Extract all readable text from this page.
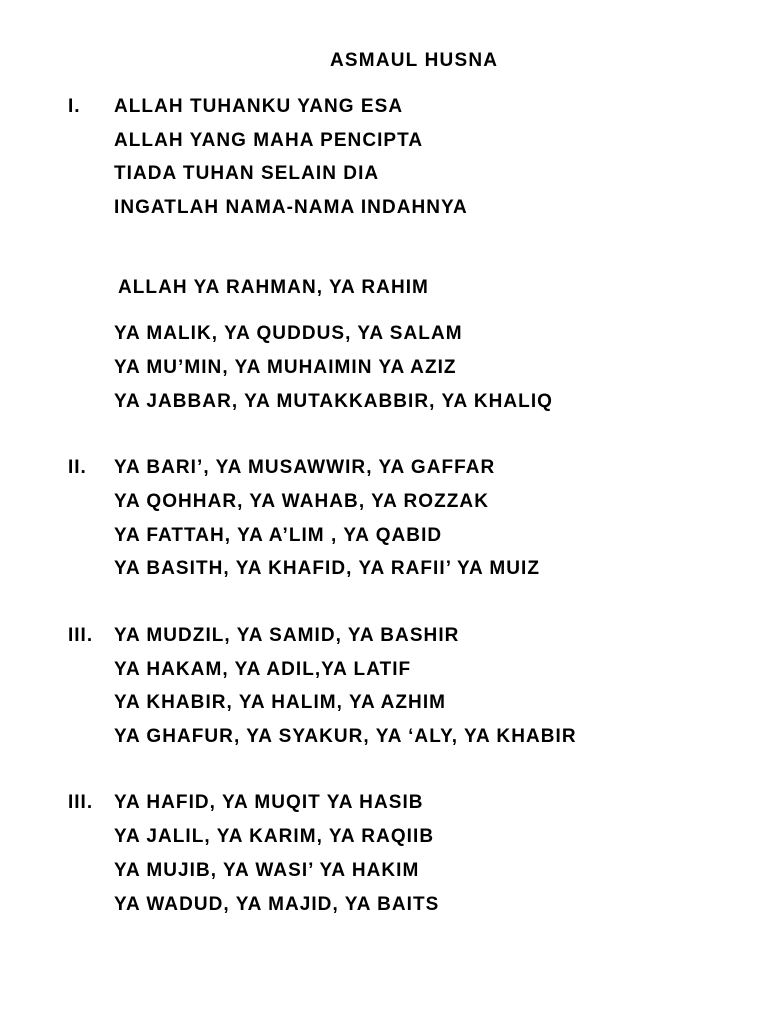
ASMAUL HUSNA
I. ALLAH TUHANKU YANG ESA
ALLAH YANG MAHA PENCIPTA
TIADA TUHAN SELAIN DIA
INGATLAH NAMA-NAMA INDAHNYA
ALLAH YA RAHMAN, YA RAHIM
YA MALIK, YA QUDDUS, YA SALAM
YA MU’MIN, YA MUHAIMIN YA AZIZ
YA JABBAR, YA MUTAKKABBIR, YA KHALIQ
II. YA BARI’, YA MUSAWWIR, YA GAFFAR
YA QOHHAR, YA WAHAB, YA ROZZAK
YA FATTAH, YA A’LIM , YA QABID
YA BASITH, YA KHAFID, YA RAFII’ YA MUIZ
III. YA MUDZIL, YA SAMID, YA BASHIR
YA HAKAM, YA ADIL,YA LATIF
YA KHABIR, YA HALIM, YA AZHIM
YA GHAFUR, YA SYAKUR, YA ‘ALY, YA KHABIR
III. YA HAFID, YA MUQIT YA HASIB
YA JALIL, YA KARIM, YA RAQIIB
YA MUJIB, YA WASI’ YA HAKIM
YA WADUD, YA MAJID, YA BAITS
